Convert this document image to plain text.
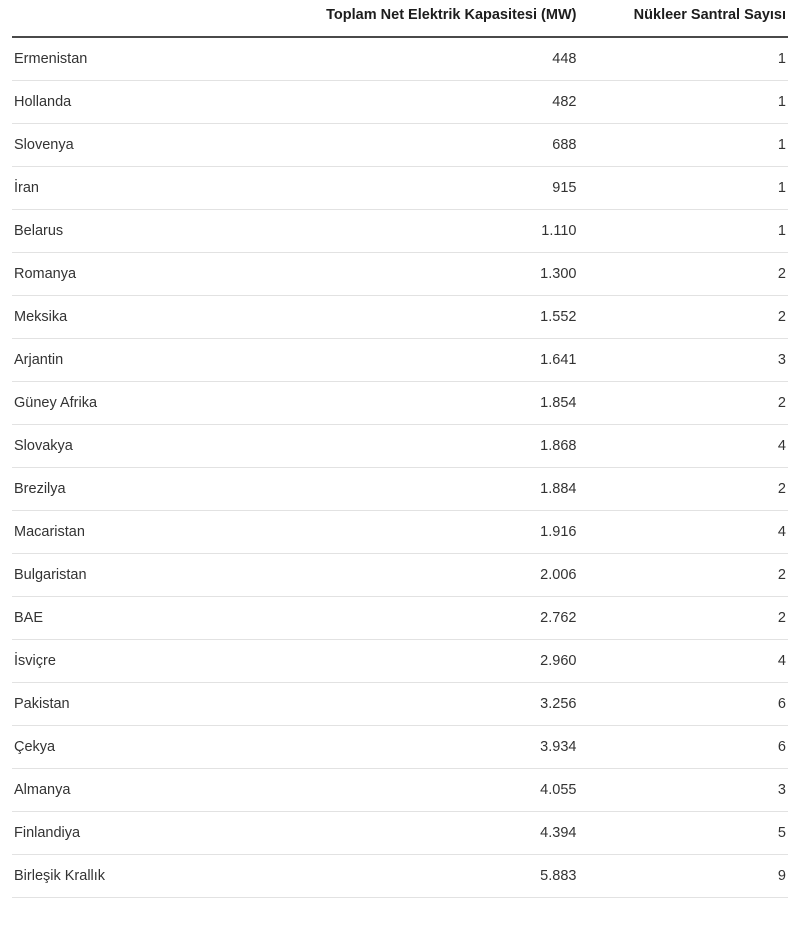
	Toplam Net Elektrik Kapasitesi (MW)	Nükleer Santral Sayısı
Ermenistan	448	1
Hollanda	482	1
Slovenya	688	1
İran	915	1
Belarus	1.110	1
Romanya	1.300	2
Meksika	1.552	2
Arjantin	1.641	3
Güney Afrika	1.854	2
Slovakya	1.868	4
Brezilya	1.884	2
Macaristan	1.916	4
Bulgaristan	2.006	2
BAE	2.762	2
İsviçre	2.960	4
Pakistan	3.256	6
Çekya	3.934	6
Almanya	4.055	3
Finlandiya	4.394	5
Birleşik Krallık	5.883	9
